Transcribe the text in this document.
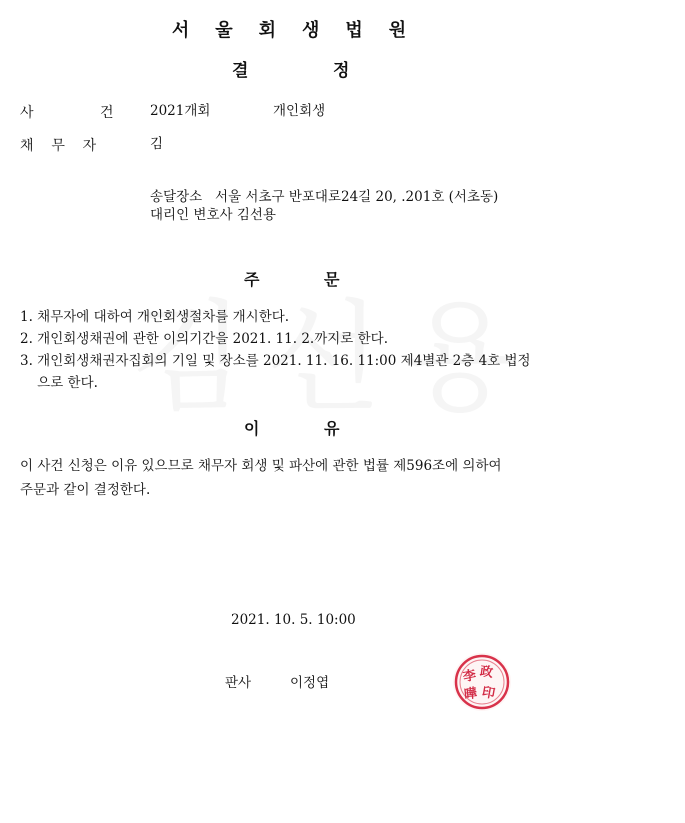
서울회생법원
결	정
사          건	2021개회	개인회생
채    무    자	김
송달장소   서울 서초구 반포대로24길 20, .201호 (서초동)
대리인 변호사 김선용
주	문
1. 채무자에 대하여 개인회생절차를 개시한다.
2. 개인회생채권에 관한 이의기간을 2021. 11. 2.까지로 한다.
3. 개인회생채권자집회의 기일 및 장소를 2021. 11. 16. 11:00 제4별관 2층 4호 법정
으로 한다.
이	유
이 사건 신청은 이유 있으므로 채무자 회생 및 파산에 관한 법률 제596조에 의하여
주문과 같이 결정한다.
2021. 10. 5. 10:00
판사	이정엽	李 政
曄 印
